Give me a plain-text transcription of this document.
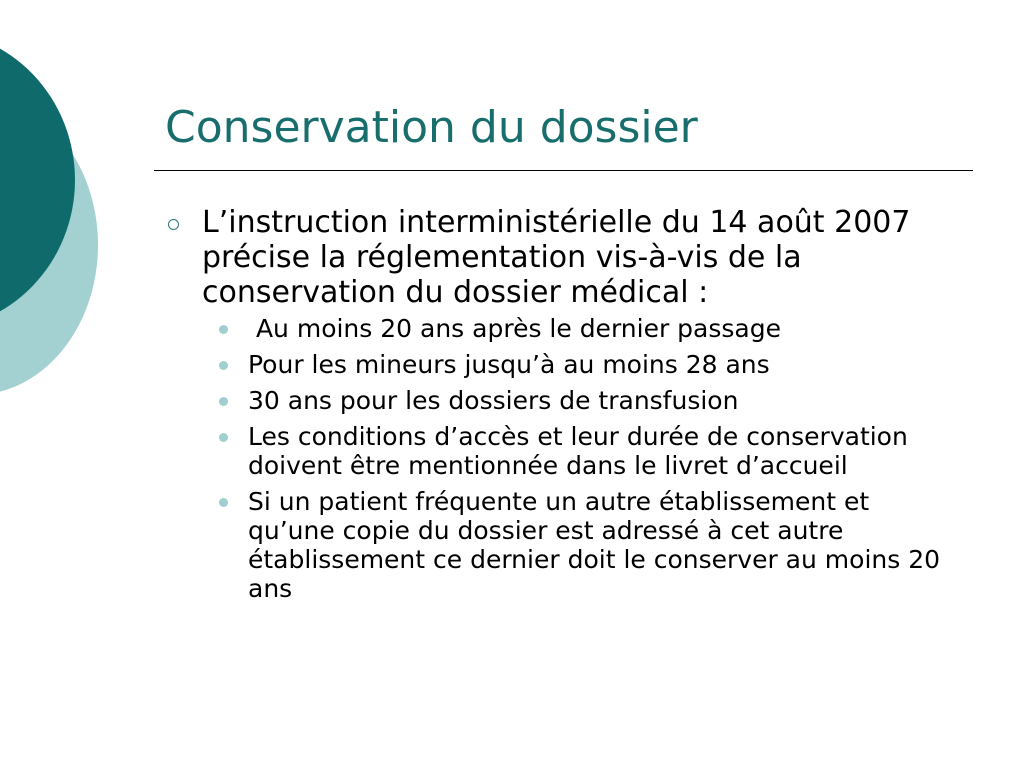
Conservation du dossier
L’instruction interministérielle du 14 août 2007 précise la réglementation vis-à-vis de la conservation du dossier médical :
Au moins 20 ans après le dernier passage
Pour les mineurs jusqu’à au moins 28 ans
30 ans pour les dossiers de transfusion
Les conditions d’accès et leur durée de conservation doivent être mentionnée dans le livret d’accueil
Si un patient fréquente un autre établissement et qu’une copie du dossier est adressé à cet autre établissement ce dernier doit le conserver au moins 20 ans
